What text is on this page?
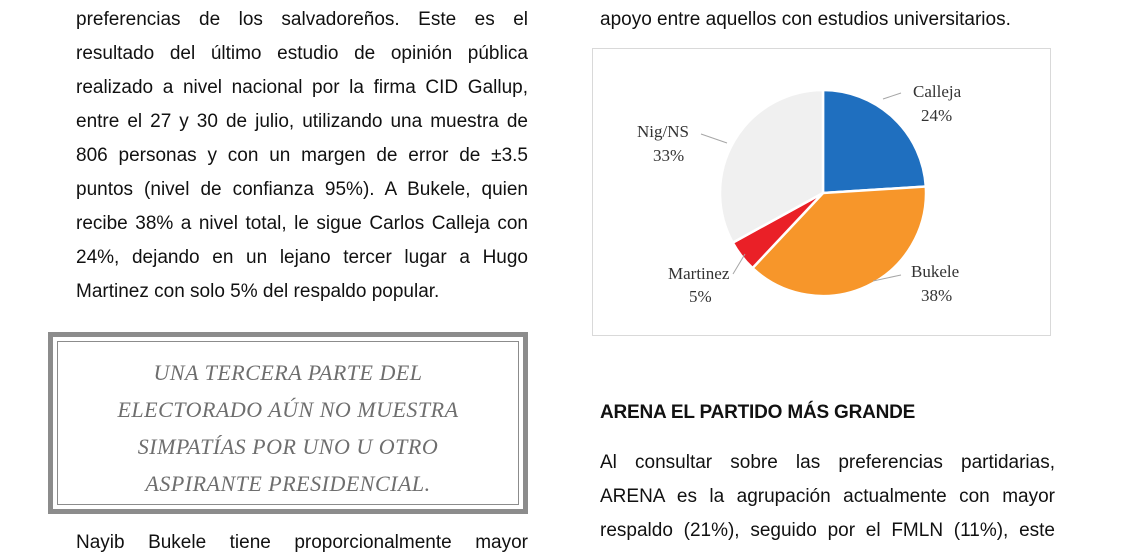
preferencias de los salvadoreños. Este es el
resultado del último estudio de opinión pública
realizado a nivel nacional por la firma CID Gallup,
entre el 27 y 30 de julio, utilizando una muestra de
806 personas y con un margen de error de ±3.5
puntos (nivel de confianza 95%). A Bukele, quien
recibe 38% a nivel total, le sigue Carlos Calleja con
24%, dejando en un lejano tercer lugar a Hugo
Martinez con solo 5% del respaldo popular.
Nayib Bukele tiene proporcionalmente mayor
UNA TERCERA PARTE DEL
ELECTORADO AÚN NO MUESTRA
SIMPATÍAS POR UNO U OTRO
ASPIRANTE PRESIDENCIAL.
apoyo entre aquellos con estudios universitarios.
Al consultar sobre las preferencias partidarias,
ARENA es la agrupación actualmente con mayor
respaldo (21%), seguido por el FMLN (11%), este
ARENA EL PARTIDO MÁS GRANDE
Calleja
24%
Bukele
38%
Martinez
5%
Nig/NS
33%
